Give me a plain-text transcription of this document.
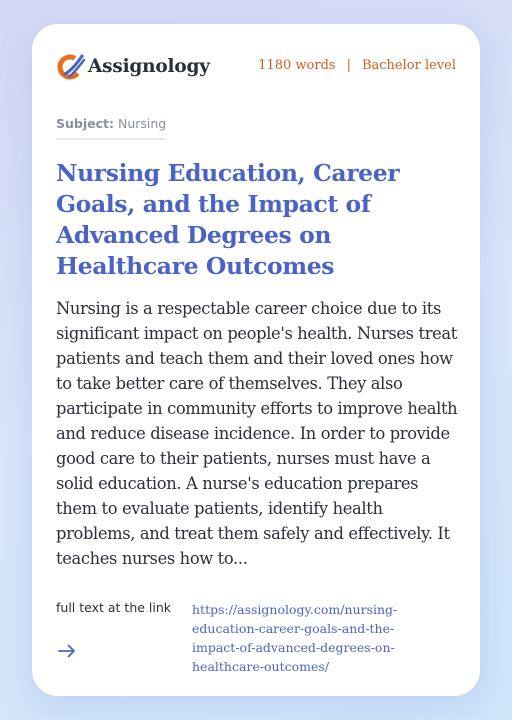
Assignology	1180 words | Bachelor level
Subject: Nursing
Nursing Education, Career Goals, and the Impact of Advanced Degrees on Healthcare Outcomes

Nursing is a respectable career choice due to its significant impact on people's health. Nurses treat patients and teach them and their loved ones how to take better care of themselves. They also participate in community efforts to improve health and reduce disease incidence. In order to provide good care to their patients, nurses must have a solid education. A nurse's education prepares them to evaluate patients, identify health problems, and treat them safely and effectively. It teaches nurses how to...

full text at the link https://assignology.com/nursing-
education-career-goals-and-the-
impact-of-advanced-degrees-on-
healthcare-outcomes/
